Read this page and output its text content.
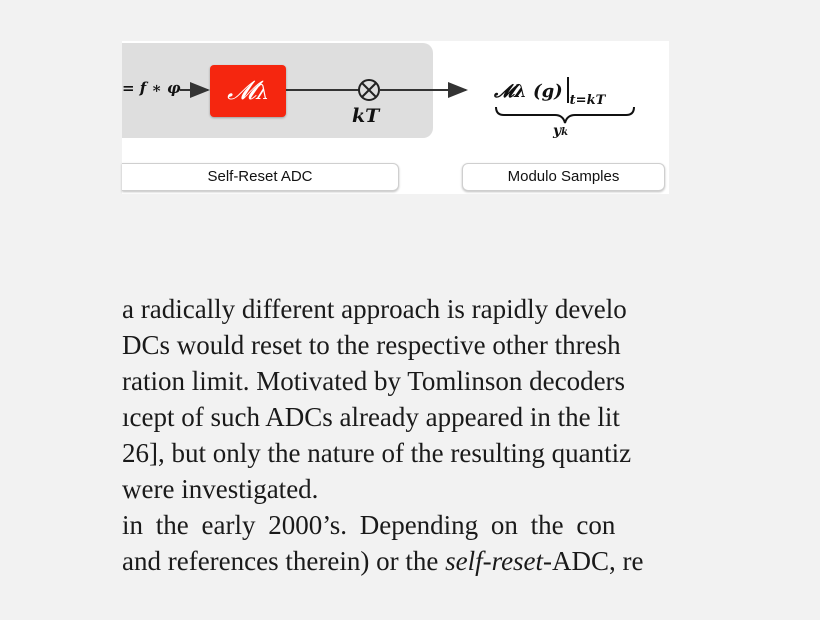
= f ∗ φ	𝓜λ
kT
𝓜λ (g) $_{t=kT}$
yk
Self-Reset ADC	Modulo Samples
a radically different approach is rapidly develo
DCs would reset to the respective other thresh
ration limit. Motivated by Tomlinson decoders
ıcept of such ADCs already appeared in the lit
26], but only the nature of the resulting quantiz
were investigated.
in the early 2000’s. Depending on the con
and references therein) or the self-reset-ADC, re
